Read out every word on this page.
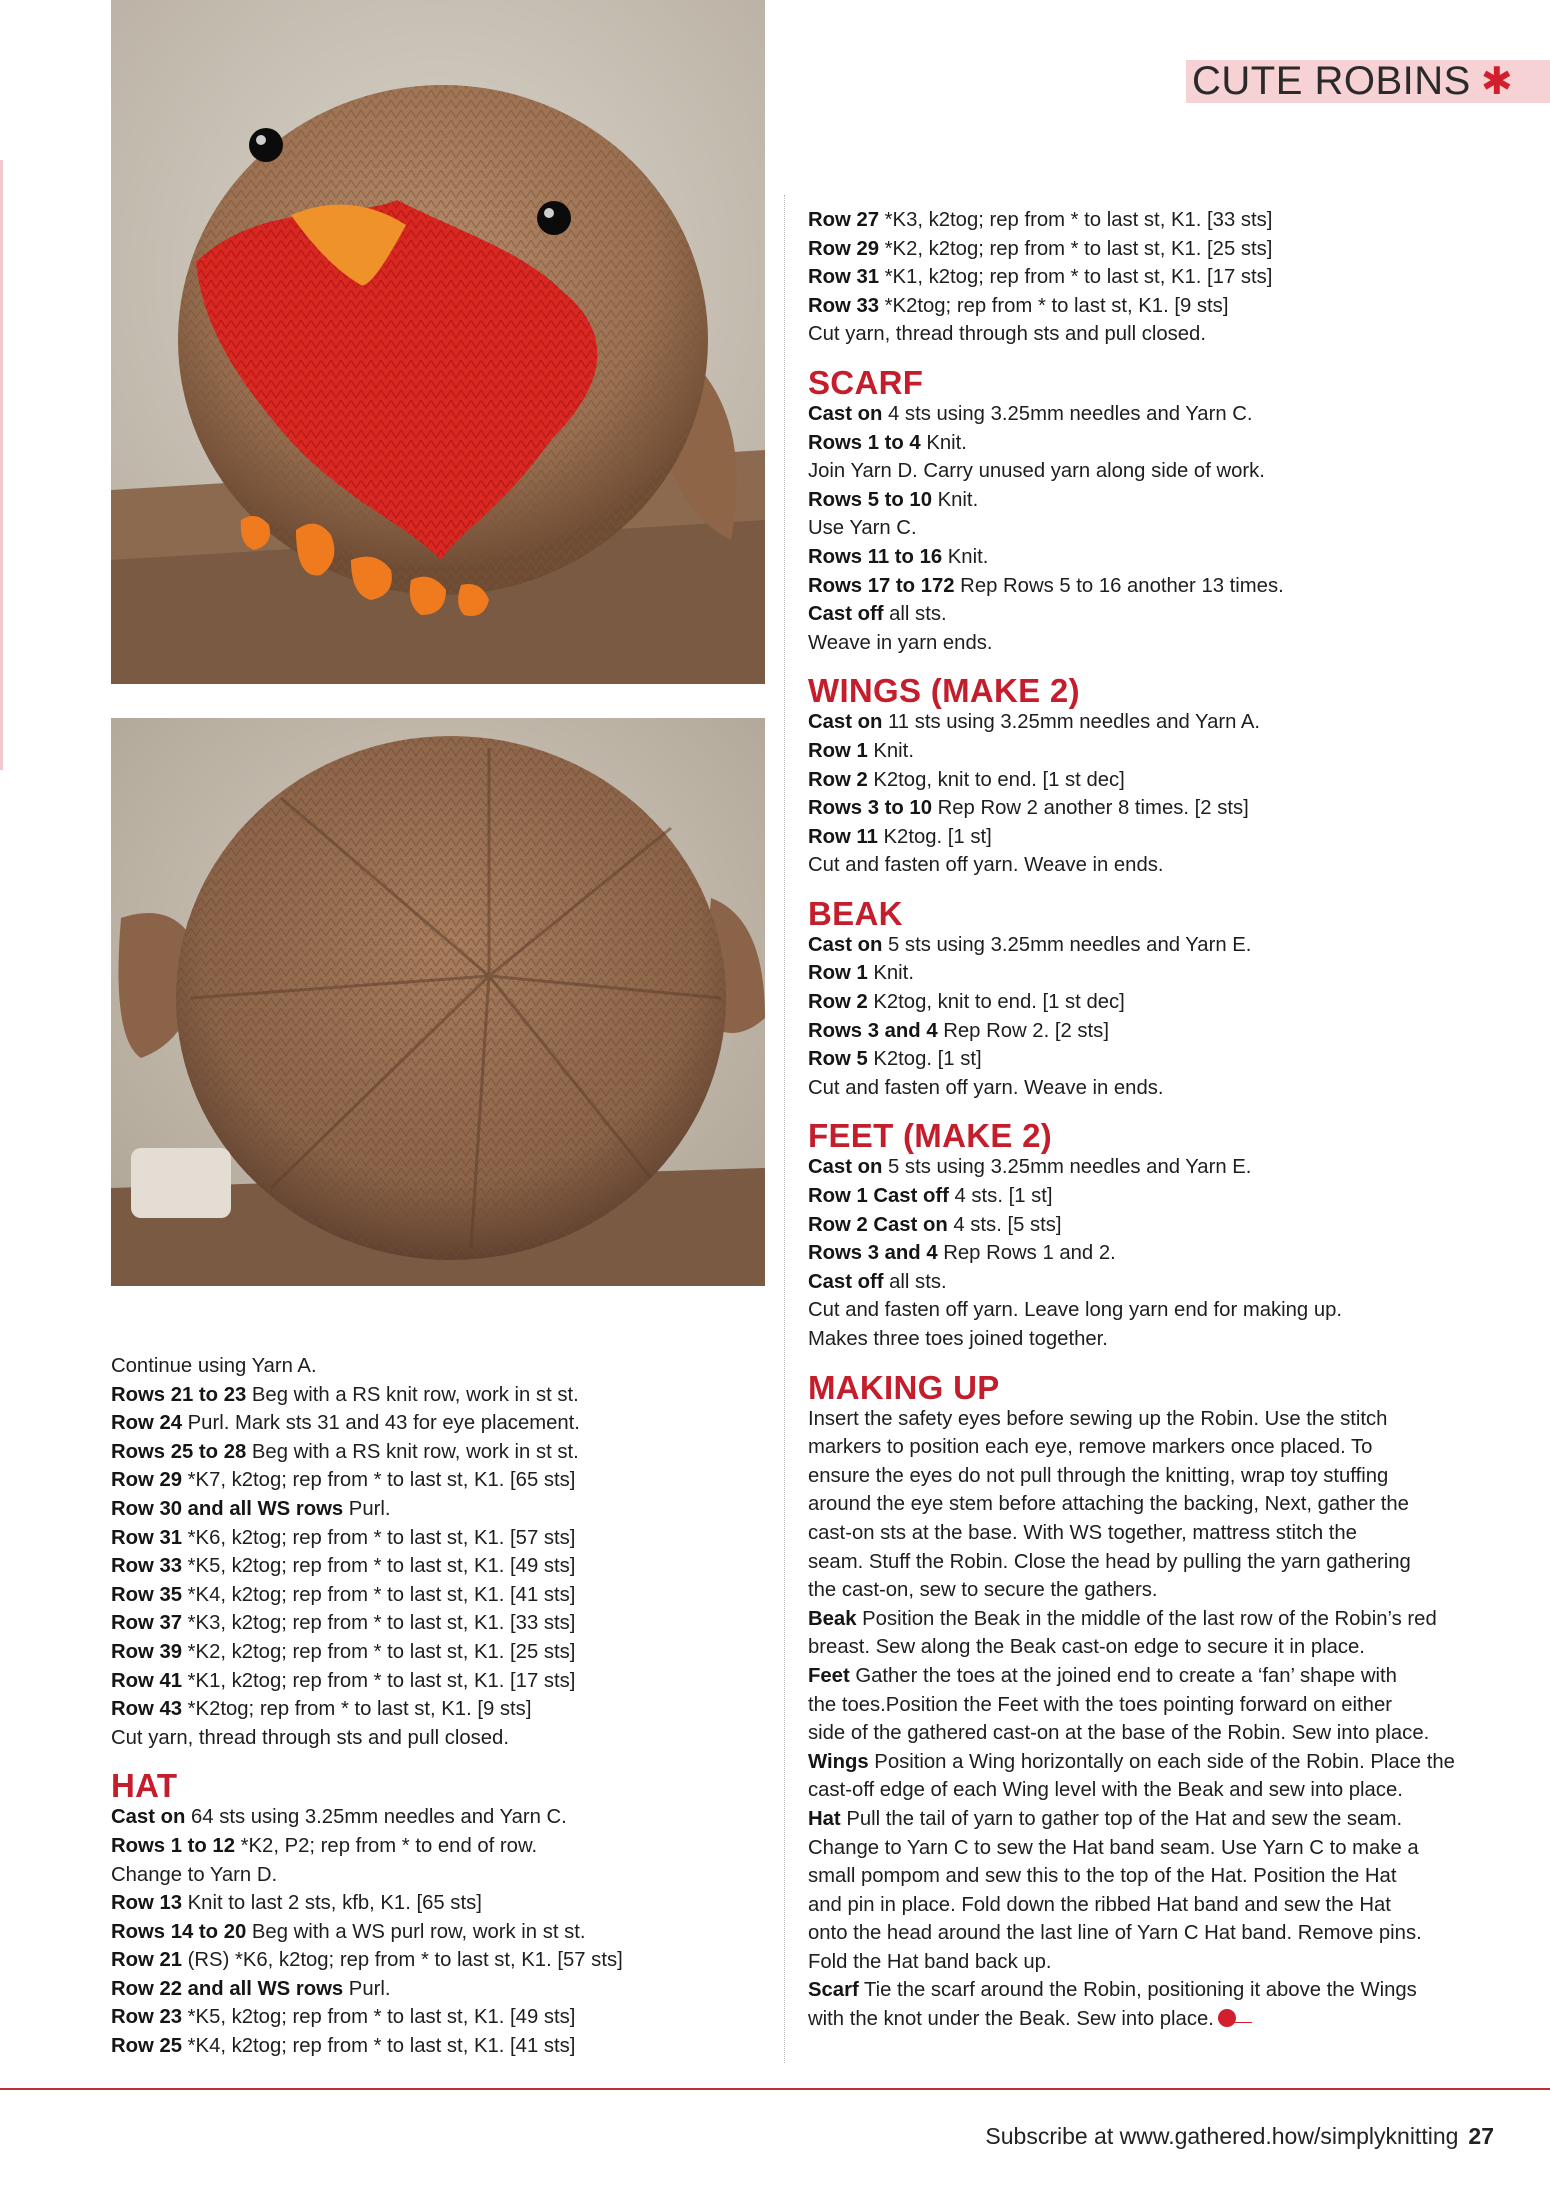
CUTE ROBINS ✱
Continue using Yarn A.
Rows 21 to 23 Beg with a RS knit row, work in st st.
Row 24 Purl. Mark sts 31 and 43 for eye placement.
Rows 25 to 28 Beg with a RS knit row, work in st st.
Row 29 *K7, k2tog; rep from * to last st, K1. [65 sts]
Row 30 and all WS rows Purl.
Row 31 *K6, k2tog; rep from * to last st, K1. [57 sts]
Row 33 *K5, k2tog; rep from * to last st, K1. [49 sts]
Row 35 *K4, k2tog; rep from * to last st, K1. [41 sts]
Row 37 *K3, k2tog; rep from * to last st, K1. [33 sts]
Row 39 *K2, k2tog; rep from * to last st, K1. [25 sts]
Row 41 *K1, k2tog; rep from * to last st, K1. [17 sts]
Row 43 *K2tog; rep from * to last st, K1. [9 sts]
Cut yarn, thread through sts and pull closed.
HAT
Cast on 64 sts using 3.25mm needles and Yarn C.
Rows 1 to 12 *K2, P2; rep from * to end of row.
Change to Yarn D.
Row 13 Knit to last 2 sts, kfb, K1. [65 sts]
Rows 14 to 20 Beg with a WS purl row, work in st st.
Row 21 (RS) *K6, k2tog; rep from * to last st, K1. [57 sts]
Row 22 and all WS rows Purl.
Row 23 *K5, k2tog; rep from * to last st, K1. [49 sts]
Row 25 *K4, k2tog; rep from * to last st, K1. [41 sts]
Row 27 *K3, k2tog; rep from * to last st, K1. [33 sts]
Row 29 *K2, k2tog; rep from * to last st, K1. [25 sts]
Row 31 *K1, k2tog; rep from * to last st, K1. [17 sts]
Row 33 *K2tog; rep from * to last st, K1. [9 sts]
Cut yarn, thread through sts and pull closed.
SCARF
Cast on 4 sts using 3.25mm needles and Yarn C.
Rows 1 to 4 Knit.
Join Yarn D. Carry unused yarn along side of work.
Rows 5 to 10 Knit.
Use Yarn C.
Rows 11 to 16 Knit.
Rows 17 to 172 Rep Rows 5 to 16 another 13 times.
Cast off all sts.
Weave in yarn ends.
WINGS (MAKE 2)
Cast on 11 sts using 3.25mm needles and Yarn A.
Row 1 Knit.
Row 2 K2tog, knit to end. [1 st dec]
Rows 3 to 10 Rep Row 2 another 8 times. [2 sts]
Row 11 K2tog. [1 st]
Cut and fasten off yarn. Weave in ends.
BEAK
Cast on 5 sts using 3.25mm needles and Yarn E.
Row 1 Knit.
Row 2 K2tog, knit to end. [1 st dec]
Rows 3 and 4 Rep Row 2. [2 sts]
Row 5 K2tog. [1 st]
Cut and fasten off yarn. Weave in ends.
FEET (MAKE 2)
Cast on 5 sts using 3.25mm needles and Yarn E.
Row 1 Cast off 4 sts. [1 st]
Row 2 Cast on 4 sts. [5 sts]
Rows 3 and 4 Rep Rows 1 and 2.
Cast off all sts.
Cut and fasten off yarn. Leave long yarn end for making up.
Makes three toes joined together.
MAKING UP
Insert the safety eyes before sewing up the Robin. Use the stitch
markers to position each eye, remove markers once placed. To
ensure the eyes do not pull through the knitting, wrap toy stuffing
around the eye stem before attaching the backing, Next, gather the
cast-on sts at the base. With WS together, mattress stitch the
seam. Stuff the Robin. Close the head by pulling the yarn gathering
the cast-on, sew to secure the gathers.
Beak Position the Beak in the middle of the last row of the Robin’s red
breast. Sew along the Beak cast-on edge to secure it in place.
Feet Gather the toes at the joined end to create a ‘fan’ shape with
the toes.Position the Feet with the toes pointing forward on either
side of the gathered cast-on at the base of the Robin. Sew into place.
Wings Position a Wing horizontally on each side of the Robin. Place the
cast-off edge of each Wing level with the Beak and sew into place.
Hat Pull the tail of yarn to gather top of the Hat and sew the seam.
Change to Yarn C to sew the Hat band seam. Use Yarn C to make a
small pompom and sew this to the top of the Hat. Position the Hat
and pin in place. Fold down the ribbed Hat band and sew the Hat
onto the head around the last line of Yarn C Hat band. Remove pins.
Fold the Hat band back up.
Scarf Tie the scarf around the Robin, positioning it above the Wings
with the knot under the Beak. Sew into place.
Subscribe at www.gathered.how/simplyknitting 27
